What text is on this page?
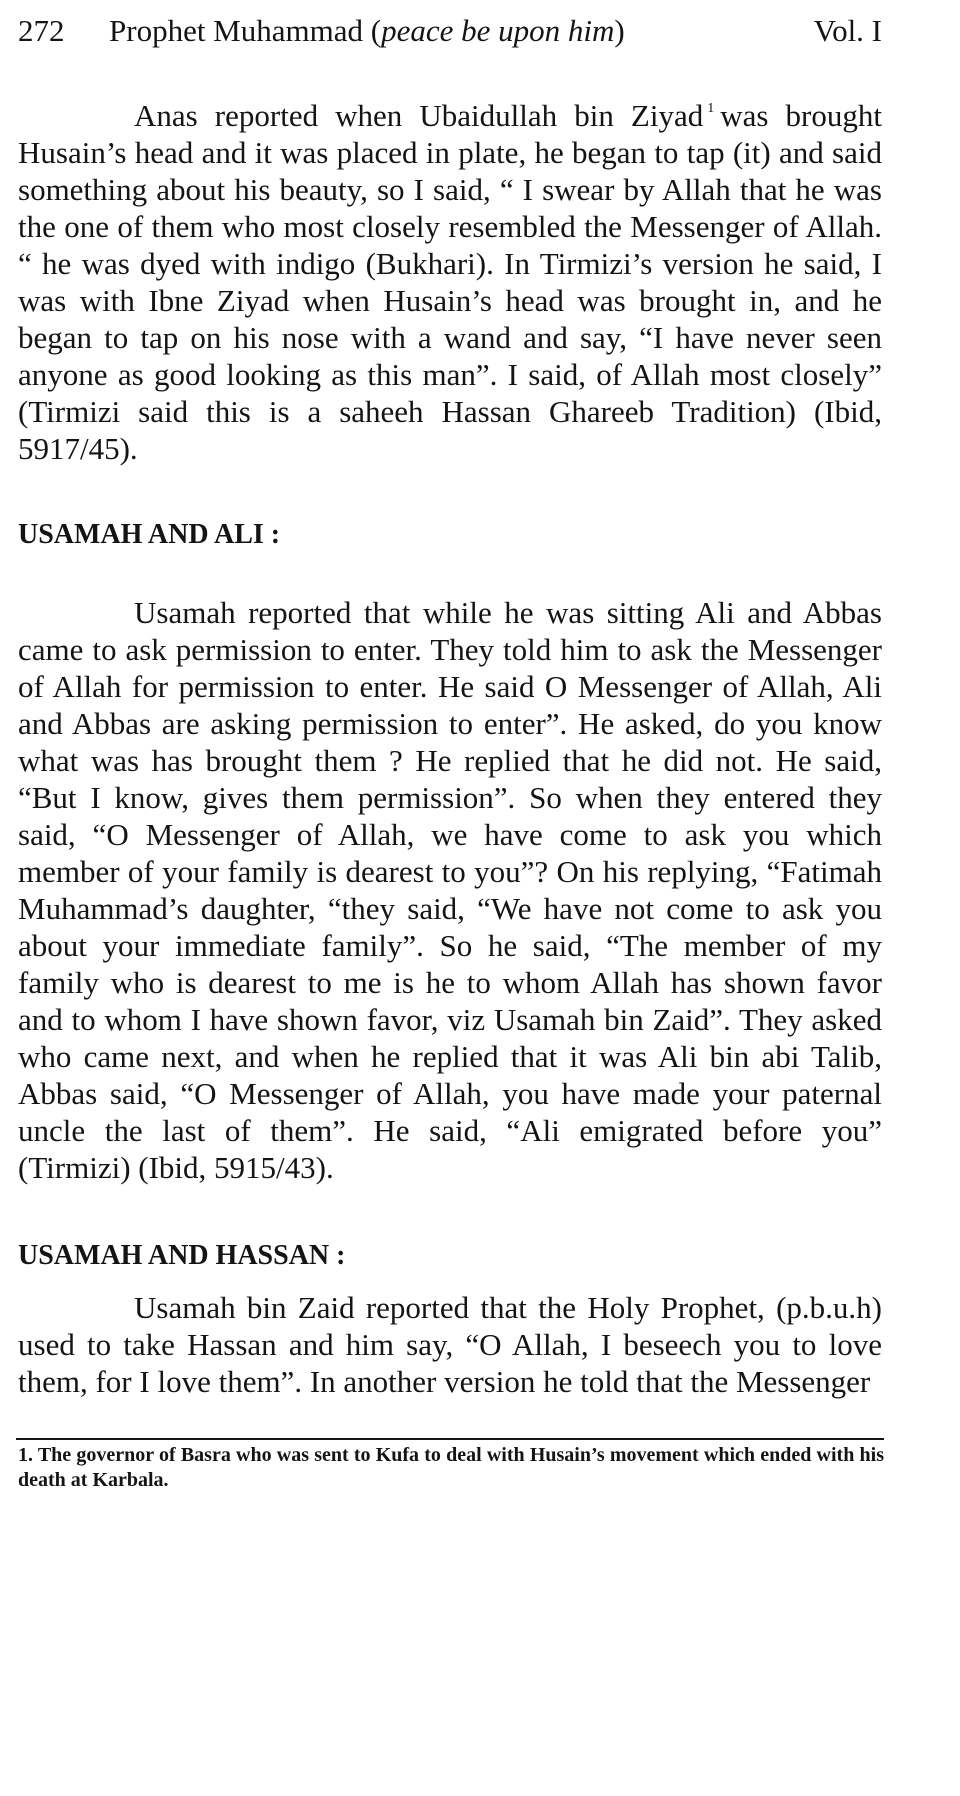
272 Prophet Muhammad (peace be upon him)	Vol. I

Anas reported when Ubaidullah bin Ziyad $^1$ was brought Husain’s head and it was placed in plate, he began to tap (it) and said something about his beauty, so I said, “ I swear by Allah that he was the one of them who most closely resembled the Messenger of Allah. “ he was dyed with indigo (Bukhari). In Tirmizi’s version he said, I was with Ibne Ziyad when Husain’s head was brought in, and he began to tap on his nose with a wand and say, “I have never seen anyone as good looking as this man”. I said, of Allah most closely” (Tirmizi said this is a saheeh Hassan Ghareeb Tradition) (Ibid, 5917/45).

USAMAH AND ALI :

Usamah reported that while he was sitting Ali and Abbas came to ask permission to enter. They told him to ask the Messenger of Allah for permission to enter. He said O Messenger of Allah, Ali and Abbas are asking permission to enter”. He asked, do you know what was has brought them ? He replied that he did not. He said, “But I know, gives them permission”. So when they entered they said, “O Messenger of Allah, we have come to ask you which member of your family is dearest to you”? On his replying, “Fatimah Muhammad’s daughter, “they said, “We have not come to ask you about your immediate family”. So he said, “The member of my family who is dearest to me is he to whom Allah has shown favor and to whom I have shown favor, viz Usamah bin Zaid”. They asked who came next, and when he replied that it was Ali bin abi Talib, Abbas said, “O Messenger of Allah, you have made your paternal uncle the last of them”. He said, “Ali emigrated before you” (Tirmizi) (Ibid, 5915/43).

USAMAH AND HASSAN :

Usamah bin Zaid reported that the Holy Prophet, (p.b.u.h) used to take Hassan and him say, “O Allah, I beseech you to love them, for I love them”. In another version he told that the Messenger

1. The governor of Basra who was sent to Kufa to deal with Husain’s movement which ended with his death at Karbala.
